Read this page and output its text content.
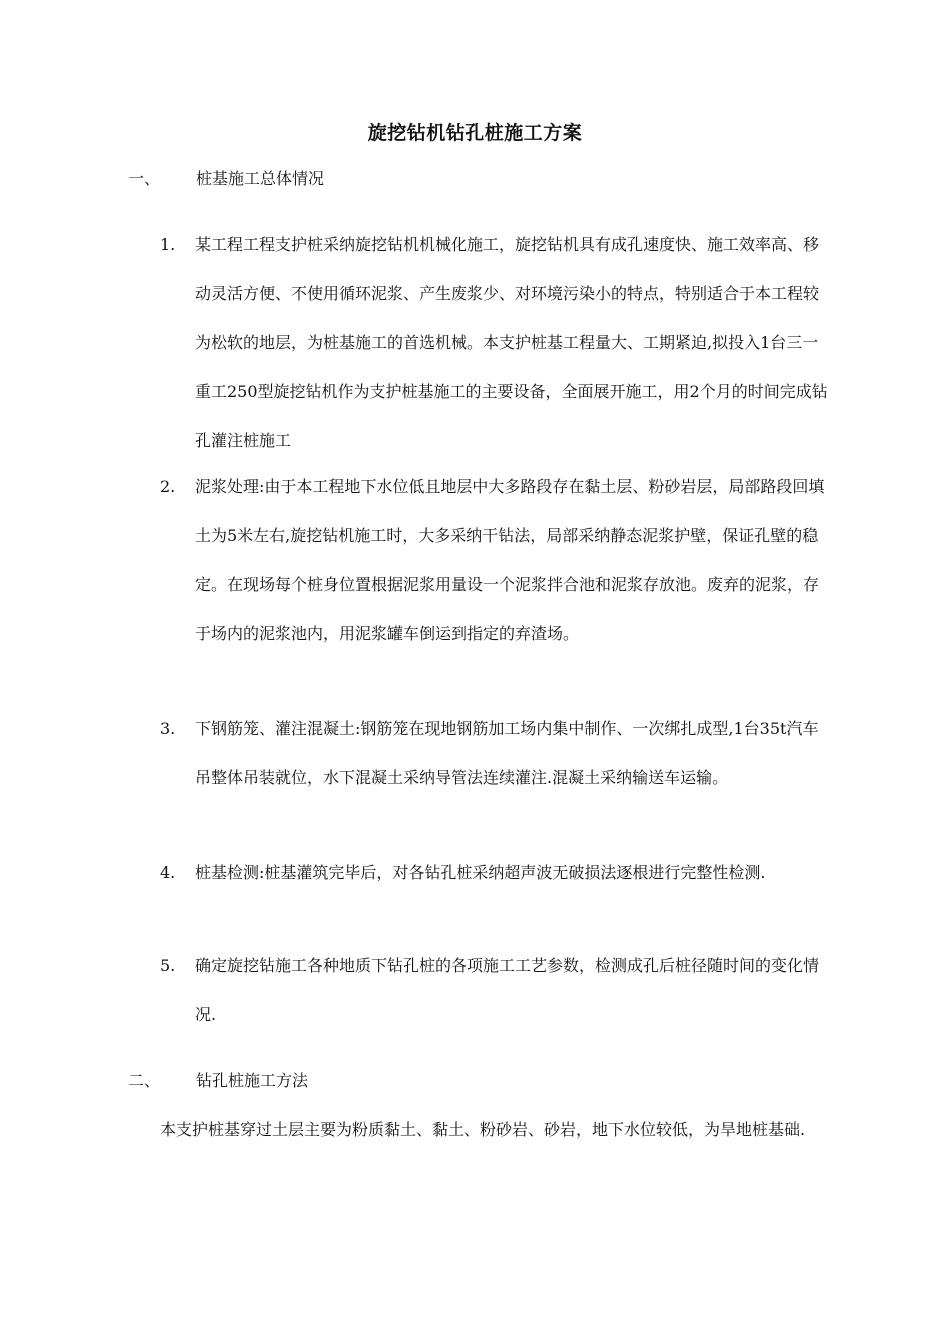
旋挖钻机钻孔桩施工方案
一、 桩基施工总体情况
1.	某工程工程支护桩采纳旋挖钻机机械化施工，旋挖钻机具有成孔速度快、施工效率高、移动灵活方便、不使用循环泥浆、产生废浆少、对环境污染小的特点，特别适合于本工程较为松软的地层，为桩基施工的首选机械。本支护桩基工程量大、工期紧迫,拟投入1台三一重工250型旋挖钻机作为支护桩基施工的主要设备，全面展开施工，用2个月的时间完成钻孔灌注桩施工
2.	泥浆处理:由于本工程地下水位低且地层中大多路段存在黏土层、粉砂岩层，局部路段回填土为5米左右,旋挖钻机施工时，大多采纳干钻法，局部采纳静态泥浆护壁，保证孔壁的稳定。在现场每个桩身位置根据泥浆用量设一个泥浆拌合池和泥浆存放池。废弃的泥浆，存于场内的泥浆池内，用泥浆罐车倒运到指定的弃渣场。
3.	下钢筋笼、灌注混凝土:钢筋笼在现地钢筋加工场内集中制作、一次绑扎成型,1台35t汽车吊整体吊装就位，水下混凝土采纳导管法连续灌注.混凝土采纳输送车运输。
4.	桩基检测:桩基灌筑完毕后，对各钻孔桩采纳超声波无破损法逐根进行完整性检测.
5.	确定旋挖钻施工各种地质下钻孔桩的各项施工工艺参数，检测成孔后桩径随时间的变化情况.
二、 钻孔桩施工方法
本支护桩基穿过土层主要为粉质黏土、黏土、粉砂岩、砂岩，地下水位较低，为旱地桩基础.
